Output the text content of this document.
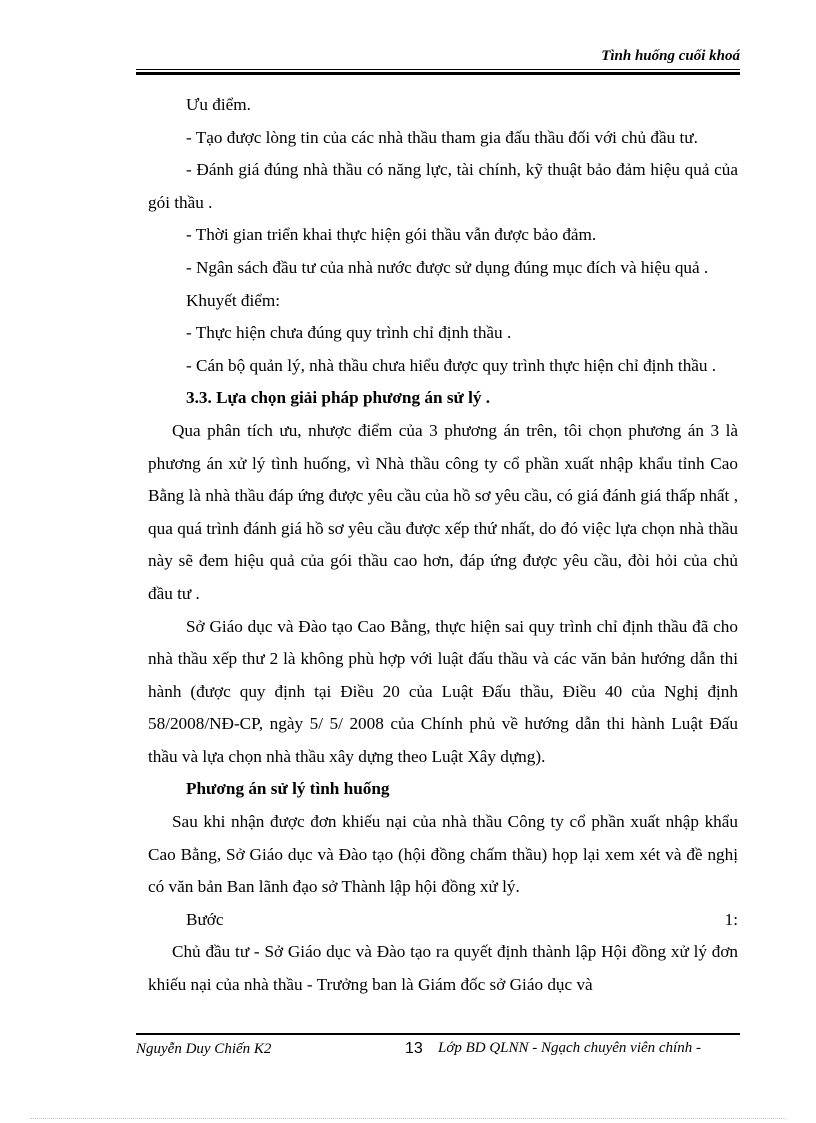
Tình huống cuối khoá

Ưu điểm.

- Tạo được lòng tin của các nhà thầu tham gia đấu thầu đối với chủ đầu tư.

- Đánh giá đúng nhà thầu có năng lực, tài chính, kỹ thuật bảo đảm hiệu quả của gói thầu .

- Thời gian triển khai thực hiện gói thầu vẫn được bảo đảm.

- Ngân sách đầu tư của nhà nước được sử dụng đúng mục đích và hiệu quả .

Khuyết điểm:

- Thực hiện chưa đúng quy trình chỉ định thầu .

- Cán bộ quản lý, nhà thầu chưa hiểu được quy trình thực hiện chỉ định thầu .

3.3. Lựa chọn giải pháp phương án sử lý .

Qua phân tích ưu, nhược điểm của 3 phương án trên, tôi chọn phương án 3 là phương án xử lý tình huống, vì Nhà thầu công ty cổ phần xuất nhập khẩu tỉnh Cao Bằng là nhà thầu đáp ứng được yêu cầu của hồ sơ yêu cầu, có giá đánh giá thấp nhất , qua quá trình đánh giá hồ sơ yêu cầu được xếp thứ nhất, do đó việc lựa chọn nhà thầu này sẽ đem hiệu quả của gói thầu cao hơn, đáp ứng được yêu cầu, đòi hỏi của chủ đầu tư .

Sở Giáo dục và Đào tạo Cao Bằng, thực hiện sai quy trình chỉ định thầu đã cho nhà thầu xếp thư 2 là không phù hợp với luật đấu thầu và các văn bản hướng dẫn thi hành (được quy định tại Điều 20 của Luật Đấu thầu, Điều 40 của Nghị định 58/2008/NĐ-CP, ngày 5/ 5/ 2008 của Chính phủ về hướng dẫn thi hành Luật Đấu thầu và lựa chọn nhà thầu xây dựng theo Luật Xây dựng).

Phương án sử lý tình huống

Sau khi nhận được đơn khiếu nại của nhà thầu Công ty cổ phần xuất nhập khẩu Cao Bằng, Sở Giáo dục và Đào tạo (hội đồng chấm thầu) họp lại xem xét và đề nghị có văn bản Ban lãnh đạo sở Thành lập hội đồng xử lý.

Bước	1:

Chủ đầu tư - Sở Giáo dục và Đào tạo ra quyết định thành lập Hội đồng xử lý đơn khiếu nại của nhà thầu - Trưởng ban là Giám đốc sở Giáo dục và

Nguyễn Duy Chiến K2	13 Lớp BD QLNN - Ngạch chuyên viên chính -
